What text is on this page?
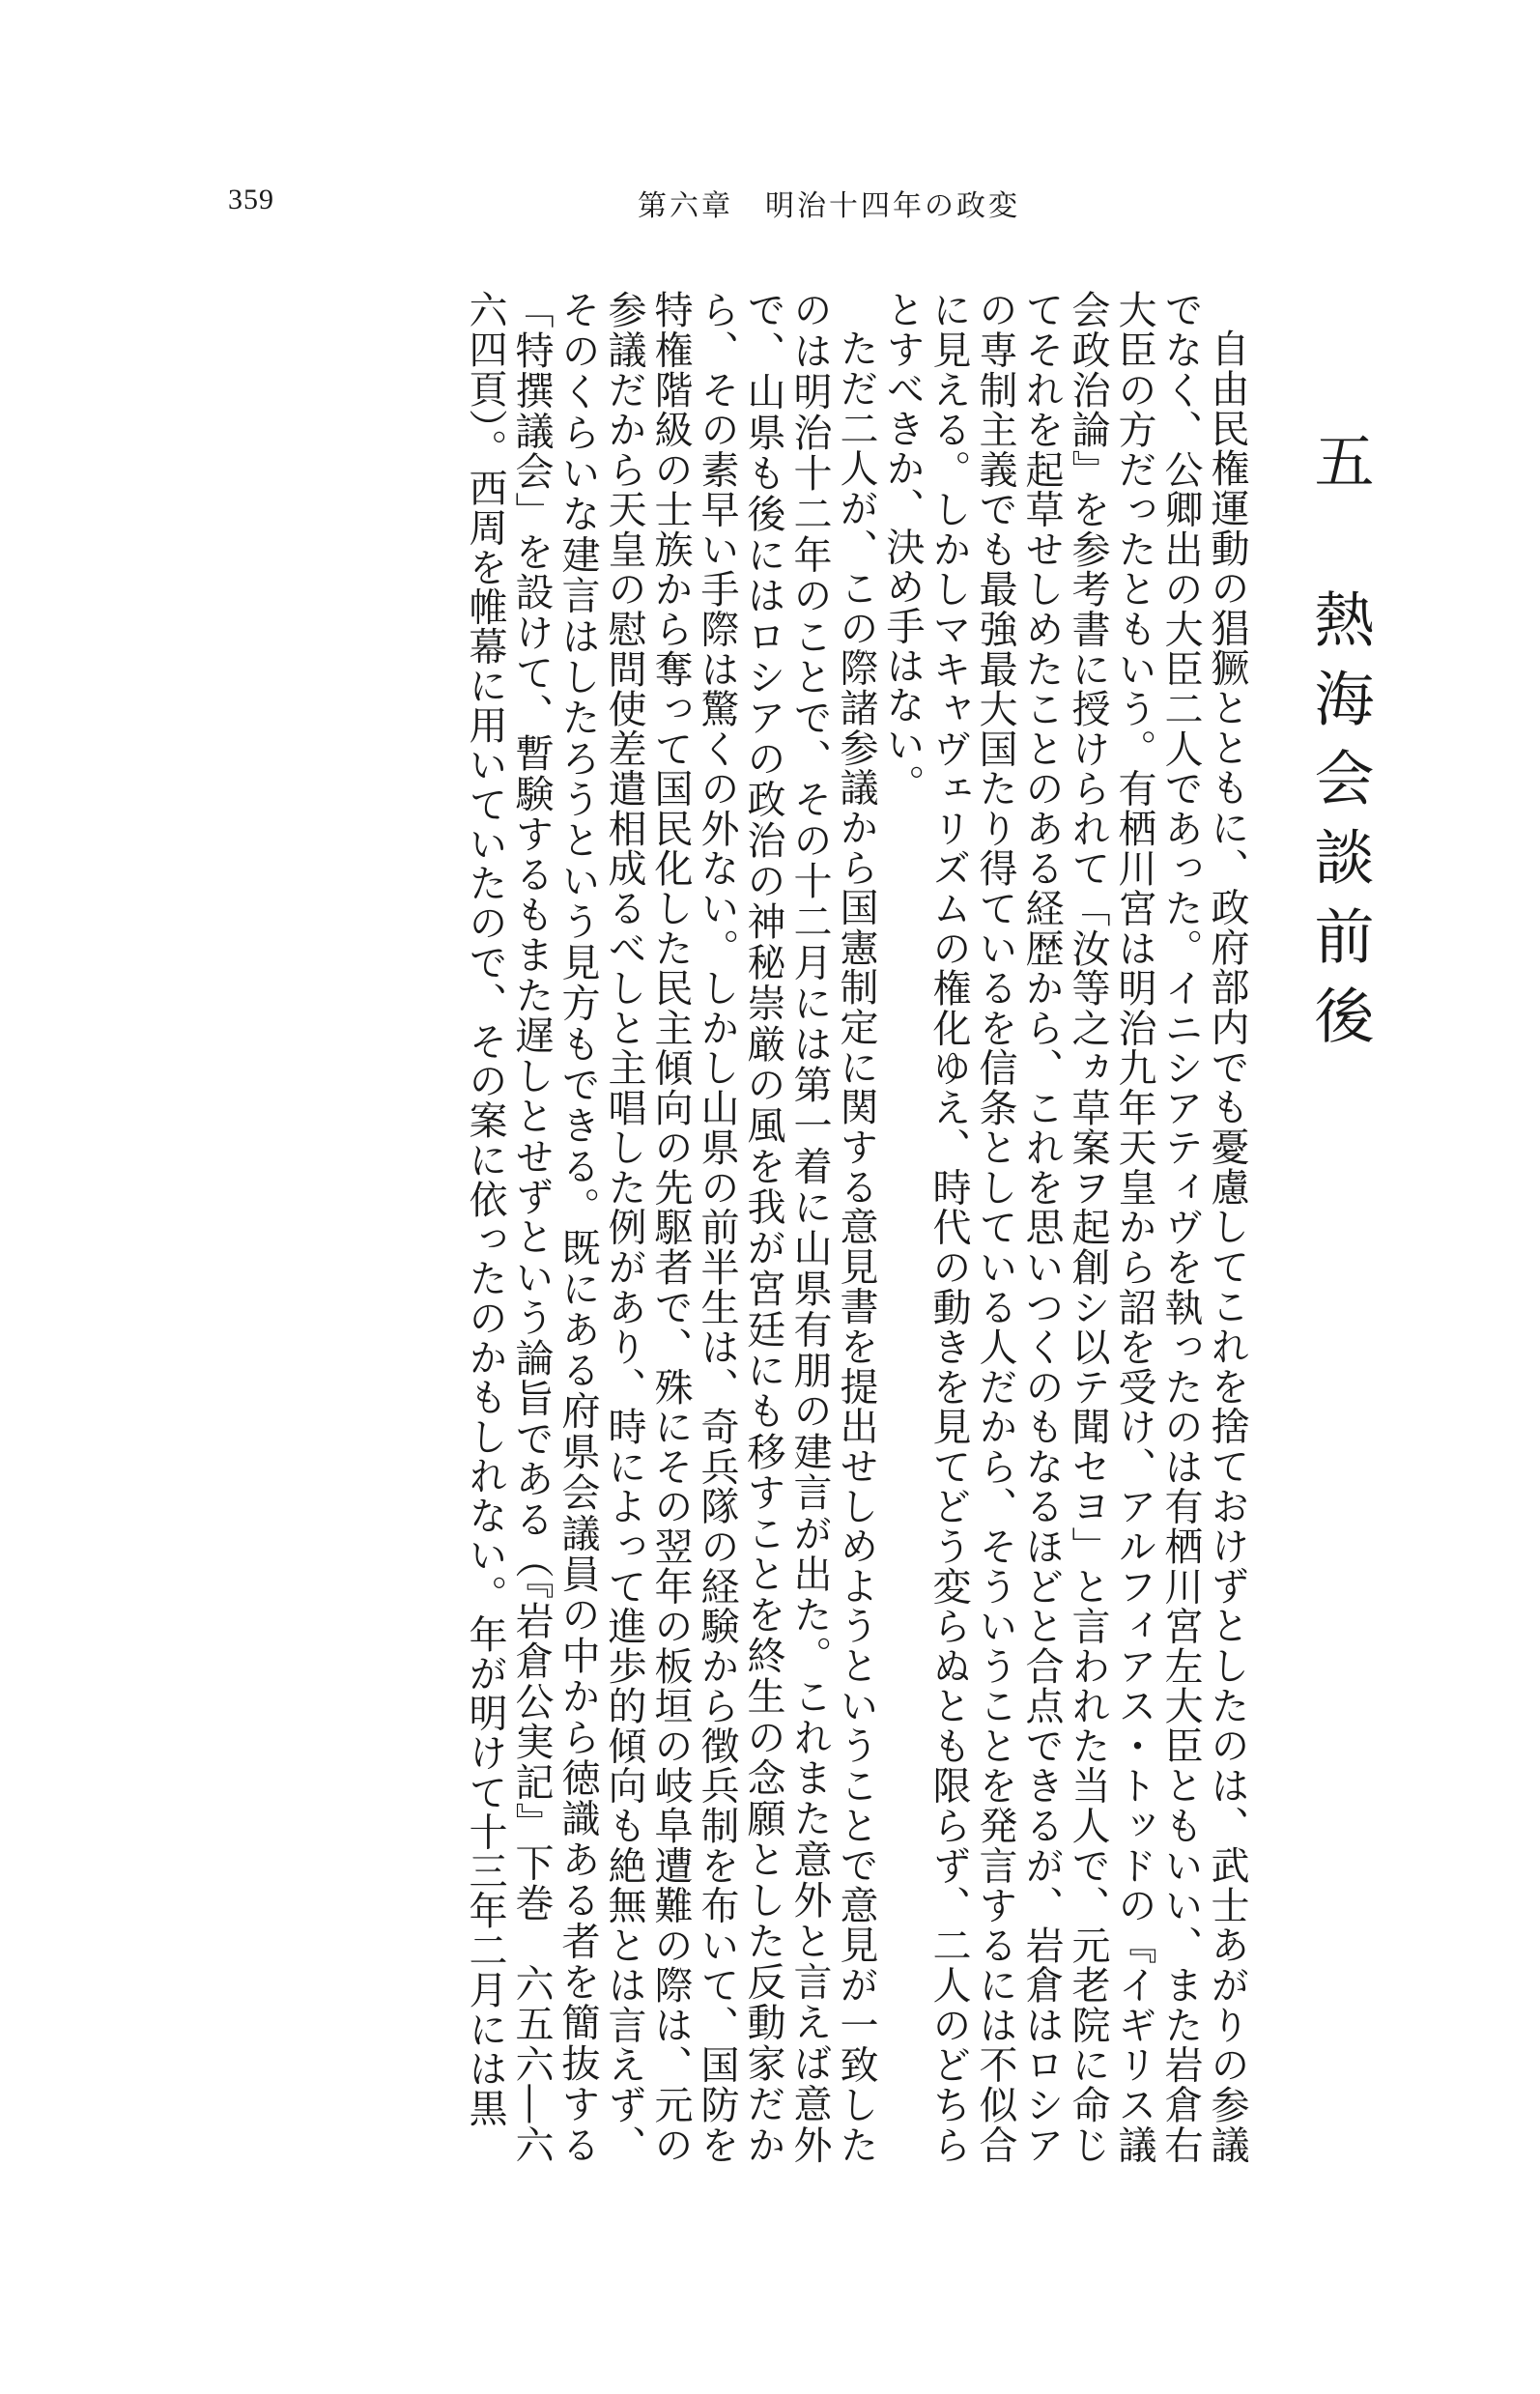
359	第六章　明治十四年の政変
五　熱海会談前後

自由民権運動の猖獗とともに、政府部内でも憂慮してこれを捨ておけずとしたのは、武士あがりの参議でなく、公卿出の大臣二人であった。イニシアティヴを執ったのは有栖川宮左大臣ともいい、また岩倉右大臣の方だったともいう。有栖川宮は明治九年天皇から詔を受け、アルフィアス・トッドの『イギリス議会政治論』を参考書に授けられて「汝等之ヵ草案ヲ起創シ以テ聞セヨ」と言われた当人で、元老院に命じてそれを起草せしめたことのある経歴から、これを思いつくのもなるほどと合点できるが、岩倉はロシアの専制主義でも最強最大国たり得ているを信条としている人だから、そういうことを発言するには不似合に見える。しかしマキャヴェリズムの権化ゆえ、時代の動きを見てどう変らぬとも限らず、二人のどちらとすべきか、決め手はない。

ただ二人が、この際諸参議から国憲制定に関する意見書を提出せしめようということで意見が一致したのは明治十二年のことで、その十二月には第一着に山県有朋の建言が出た。これまた意外と言えば意外で、山県も後にはロシアの政治の神秘崇厳の風を我が宮廷にも移すことを終生の念願とした反動家だから、その素早い手際は驚くの外ない。しかし山県の前半生は、奇兵隊の経験から徴兵制を布いて、国防を特権階級の士族から奪って国民化した民主傾向の先駆者で、殊にその翌年の板垣の岐阜遭難の際は、元の参議だから天皇の慰問使差遣相成るべしと主唱した例があり、時によって進歩的傾向も絶無とは言えず、そのくらいな建言はしたろうという見方もできる。既にある府県会議員の中から徳識ある者を簡抜する「特撰議会」を設けて、暫験するもまた遅しとせずという論旨である（『岩倉公実記』下巻　六五六―六六四頁）。西周を帷幕に用いていたので、その案に依ったのかもしれない。年が明けて十三年二月には黒
